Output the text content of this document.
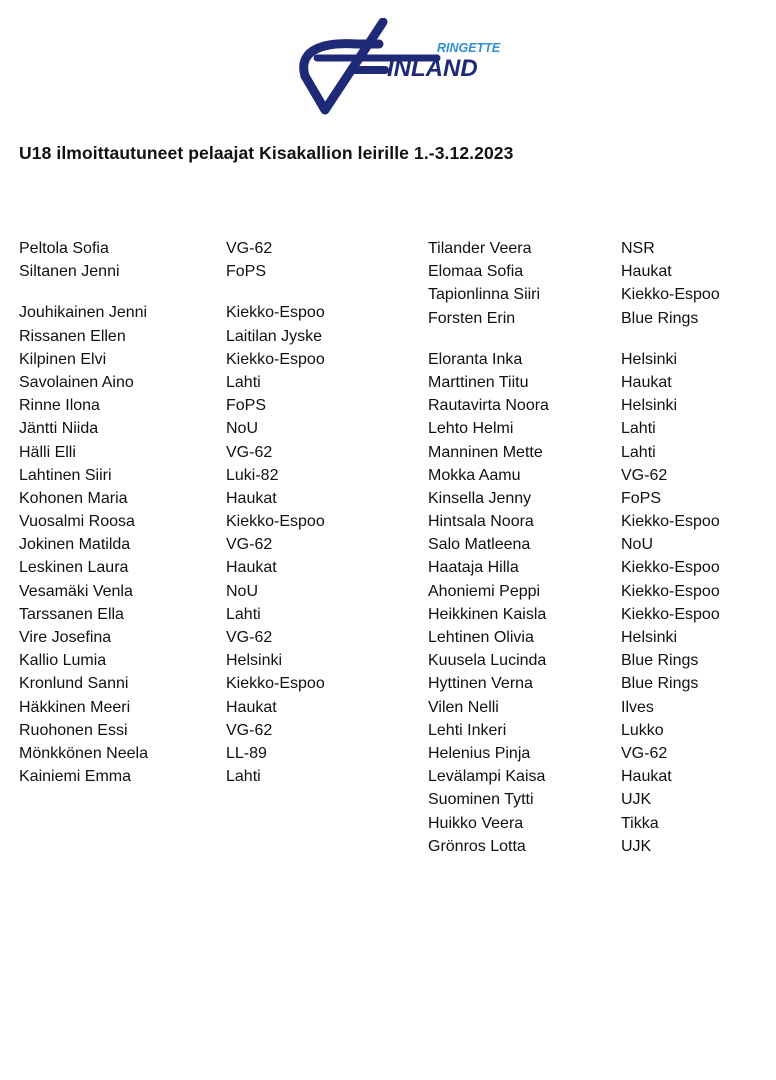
RINGETTE
INLAND
U18 ilmoittautuneet pelaajat Kisakallion leirille 1.-3.12.2023
Peltola Sofia	VG-62
Siltanen Jenni	FoPS
Jouhikainen Jenni	Kiekko-Espoo
Rissanen Ellen	Laitilan Jyske
Kilpinen Elvi	Kiekko-Espoo
Savolainen Aino	Lahti
Rinne Ilona	FoPS
Jäntti Niida	NoU
Hälli Elli	VG-62
Lahtinen Siiri	Luki-82
Kohonen Maria	Haukat
Vuosalmi Roosa	Kiekko-Espoo
Jokinen Matilda	VG-62
Leskinen Laura	Haukat
Vesamäki Venla	NoU
Tarssanen Ella	Lahti
Vire Josefina	VG-62
Kallio Lumia	Helsinki
Kronlund Sanni	Kiekko-Espoo
Häkkinen Meeri	Haukat
Ruohonen Essi	VG-62
Mönkkönen Neela	LL-89
Kainiemi Emma	Lahti
Tilander Veera	NSR
Elomaa Sofia	Haukat
Tapionlinna Siiri	Kiekko-Espoo
Forsten Erin	Blue Rings
Eloranta Inka	Helsinki
Marttinen Tiitu	Haukat
Rautavirta Noora	Helsinki
Lehto Helmi	Lahti
Manninen Mette	Lahti
Mokka Aamu	VG-62
Kinsella Jenny	FoPS
Hintsala Noora	Kiekko-Espoo
Salo Matleena	NoU
Haataja Hilla	Kiekko-Espoo
Ahoniemi Peppi	Kiekko-Espoo
Heikkinen Kaisla	Kiekko-Espoo
Lehtinen Olivia	Helsinki
Kuusela Lucinda	Blue Rings
Hyttinen Verna	Blue Rings
Vilen Nelli	Ilves
Lehti Inkeri	Lukko
Helenius Pinja	VG-62
Levälampi Kaisa	Haukat
Suominen Tytti	UJK
Huikko Veera	Tikka
Grönros Lotta	UJK
